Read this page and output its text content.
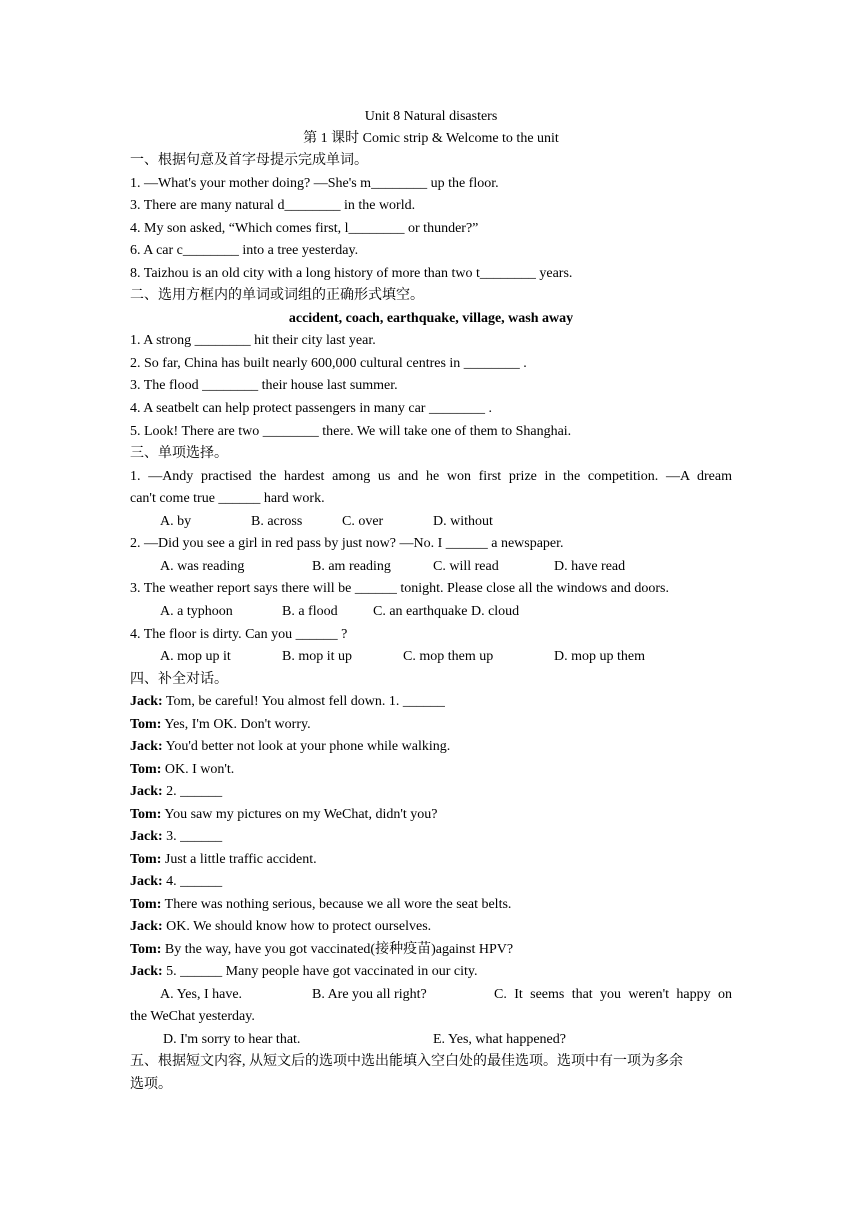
Unit 8 Natural disasters
第 1 课时 Comic strip & Welcome to the unit
一、根据句意及首字母提示完成单词。
1. —What's your mother doing? —She's m________ up the floor.
3. There are many natural d________ in the world.
4. My son asked, “Which comes first, l________ or thunder?”
6. A car c________ into a tree yesterday.
8. Taizhou is an old city with a long history of more than two t________ years.
二、选用方框内的单词或词组的正确形式填空。
accident, coach, earthquake, village, wash away
1. A strong ________ hit their city last year.
2. So far, China has built nearly 600,000 cultural centres in ________ .
3. The flood ________ their house last summer.
4. A seatbelt can help protect passengers in many car ________ .
5. Look! There are two ________ there. We will take one of them to Shanghai.
三、单项选择。
1. —Andy practised the hardest among us and he won first prize in the competition. —A dream
can't come true ______ hard work.
A. by	B. across	C. over	D. without
2. —Did you see a girl in red pass by just now? —No. I ______ a newspaper.
A. was reading	B. am reading	C. will read	D. have read
3. The weather report says there will be ______ tonight. Please close all the windows and doors.
A. a typhoon	B. a flood	C. an earthquake D. cloud
4. The floor is dirty. Can you ______ ?
A. mop up it	B. mop it up	C. mop them up	D. mop up them
四、补全对话。
Jack: Tom, be careful! You almost fell down. 1. ______
Tom: Yes, I'm OK. Don't worry.
Jack: You'd better not look at your phone while walking.
Tom: OK. I won't.
Jack: 2. ______
Tom: You saw my pictures on my WeChat, didn't you?
Jack: 3. ______
Tom: Just a little traffic accident.
Jack: 4. ______
Tom: There was nothing serious, because we all wore the seat belts.
Jack: OK. We should know how to protect ourselves.
Tom: By the way, have you got vaccinated(接种疫苗)against HPV?
Jack: 5. ______ Many people have got vaccinated in our city.
A. Yes, I have.	B. Are you all right?	C. It seems that you weren't happy on
the WeChat yesterday.
D. I'm sorry to hear that.	E. Yes, what happened?
五、根据短文内容, 从短文后的选项中选出能填入空白处的最佳选项。选项中有一项为多余
选项。
